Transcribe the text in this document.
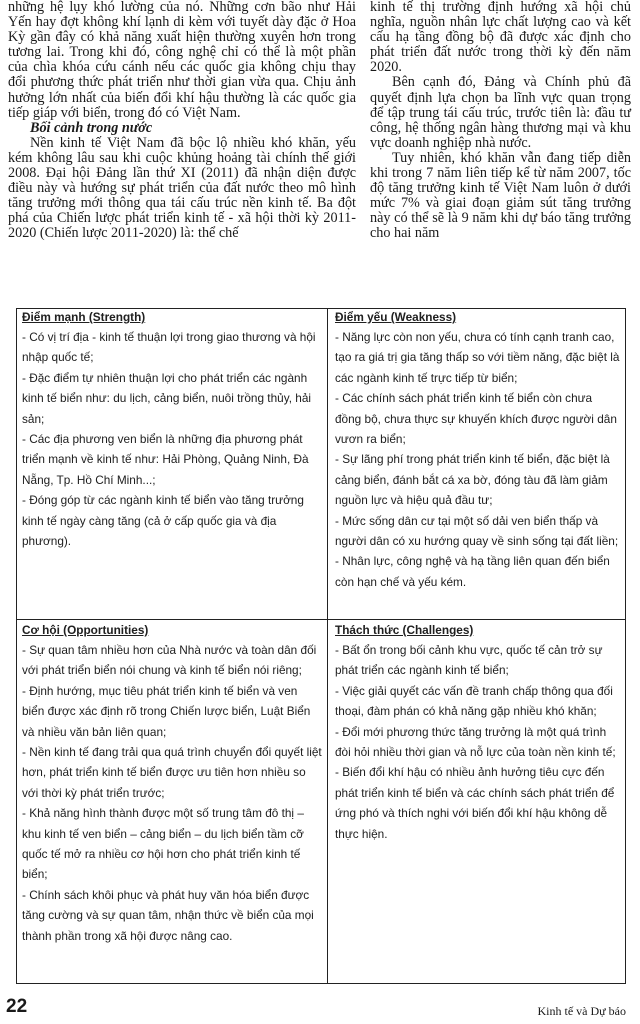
những hệ lụy khó lường của nó. Những cơn bão như Hải Yến hay đợt không khí lạnh di kèm với tuyết dày đặc ở Hoa Kỳ gần đây có khả năng xuất hiện thường xuyên hơn trong tương lai. Trong khi đó, công nghệ chỉ có thể là một phần của chìa khóa cứu cánh nếu các quốc gia không chịu thay đổi phương thức phát triển như thời gian vừa qua. Chịu ảnh hưởng lớn nhất của biến đổi khí hậu thường là các quốc gia tiếp giáp với biển, trong đó có Việt Nam.

Bối cảnh trong nước

Nền kinh tế Việt Nam đã bộc lộ nhiều khó khăn, yếu kém không lâu sau khi cuộc khủng hoảng tài chính thế giới 2008. Đại hội Đảng lần thứ XI (2011) đã nhận diện được điều này và hướng sự phát triển của đất nước theo mô hình tăng trưởng mới thông qua tái cấu trúc nền kinh tế. Ba đột phá của Chiến lược phát triển kinh tế - xã hội thời kỳ 2011-2020 (Chiến lược 2011-2020) là: thể chế

kinh tế thị trường định hướng xã hội chủ nghĩa, nguồn nhân lực chất lượng cao và kết cấu hạ tầng đồng bộ đã được xác định cho phát triển đất nước trong thời kỳ đến năm 2020.

Bên cạnh đó, Đảng và Chính phủ đã quyết định lựa chọn ba lĩnh vực quan trọng để tập trung tái cấu trúc, trước tiên là: đầu tư công, hệ thống ngân hàng thương mại và khu vực doanh nghiệp nhà nước.

Tuy nhiên, khó khăn vẫn đang tiếp diễn khi trong 7 năm liên tiếp kể từ năm 2007, tốc độ tăng trưởng kinh tế Việt Nam luôn ở dưới mức 7% và giai đoạn giảm sút tăng trưởng này có thể sẽ là 9 năm khi dự báo tăng trưởng cho hai năm

Điểm mạnh (Strength)

- Có vị trí địa - kinh tế thuận lợi trong giao thương và hội nhập quốc tế;

- Đặc điểm tự nhiên thuận lợi cho phát triển các ngành kinh tế biển như: du lịch, cảng biển, nuôi trồng thủy, hải sản;

- Các địa phương ven biển là những địa phương phát triển mạnh về kinh tế như: Hải Phòng, Quảng Ninh, Đà Nẵng, Tp. Hồ Chí Minh...;

- Đóng góp từ các ngành kinh tế biển vào tăng trưởng kinh tế ngày càng tăng (cả ở cấp quốc gia và địa phương).

Điểm yếu (Weakness)

- Năng lực còn non yếu, chưa có tính cạnh tranh cao, tạo ra giá trị gia tăng thấp so với tiềm năng, đặc biệt là các ngành kinh tế trực tiếp từ biển;

- Các chính sách phát triển kinh tế biển còn chưa đồng bộ, chưa thực sự khuyến khích được người dân vươn ra biển;

- Sự lãng phí trong phát triển kinh tế biển, đặc biệt là cảng biển, đánh bắt cá xa bờ, đóng tàu đã làm giảm nguồn lực và hiệu quả đầu tư;

- Mức sống dân cư tại một số dải ven biển thấp và người dân có xu hướng quay về sinh sống tại đất liền;

- Nhân lực, công nghệ và hạ tầng liên quan đến biển còn hạn chế và yếu kém.

Cơ hội (Opportunities)

- Sự quan tâm nhiều hơn của Nhà nước và toàn dân đối với phát triển biển nói chung và kinh tế biển nói riêng;

- Định hướng, mục tiêu phát triển kinh tế biển và ven biển được xác định rõ trong Chiến lược biển, Luật Biển và nhiều văn bản liên quan;

- Nền kinh tế đang trải qua quá trình chuyển đổi quyết liệt hơn, phát triển kinh tế biển được ưu tiên hơn nhiều so với thời kỳ phát triển trước;

- Khả năng hình thành được một số trung tâm đô thị – khu kinh tế ven biển – cảng biển – du lịch biển tầm cỡ quốc tế mở ra nhiều cơ hội hơn cho phát triển kinh tế biển;

- Chính sách khôi phục và phát huy văn hóa biển được tăng cường và sự quan tâm, nhận thức về biển của mọi thành phần trong xã hội được nâng cao.

Thách thức (Challenges)

- Bất ổn trong bối cảnh khu vực, quốc tế cản trở sự phát triển các ngành kinh tế biển;

- Việc giải quyết các vấn đề tranh chấp thông qua đối thoại, đàm phán có khả năng gặp nhiều khó khăn;

- Đổi mới phương thức tăng trưởng là một quá trình đòi hỏi nhiều thời gian và nỗ lực của toàn nền kinh tế;

- Biến đổi khí hậu có nhiều ảnh hưởng tiêu cực đến phát triển kinh tế biển và các chính sách phát triển để ứng phó và thích nghi với biến đổi khí hậu không dễ thực hiện.

22	Kinh tế và Dự báo
